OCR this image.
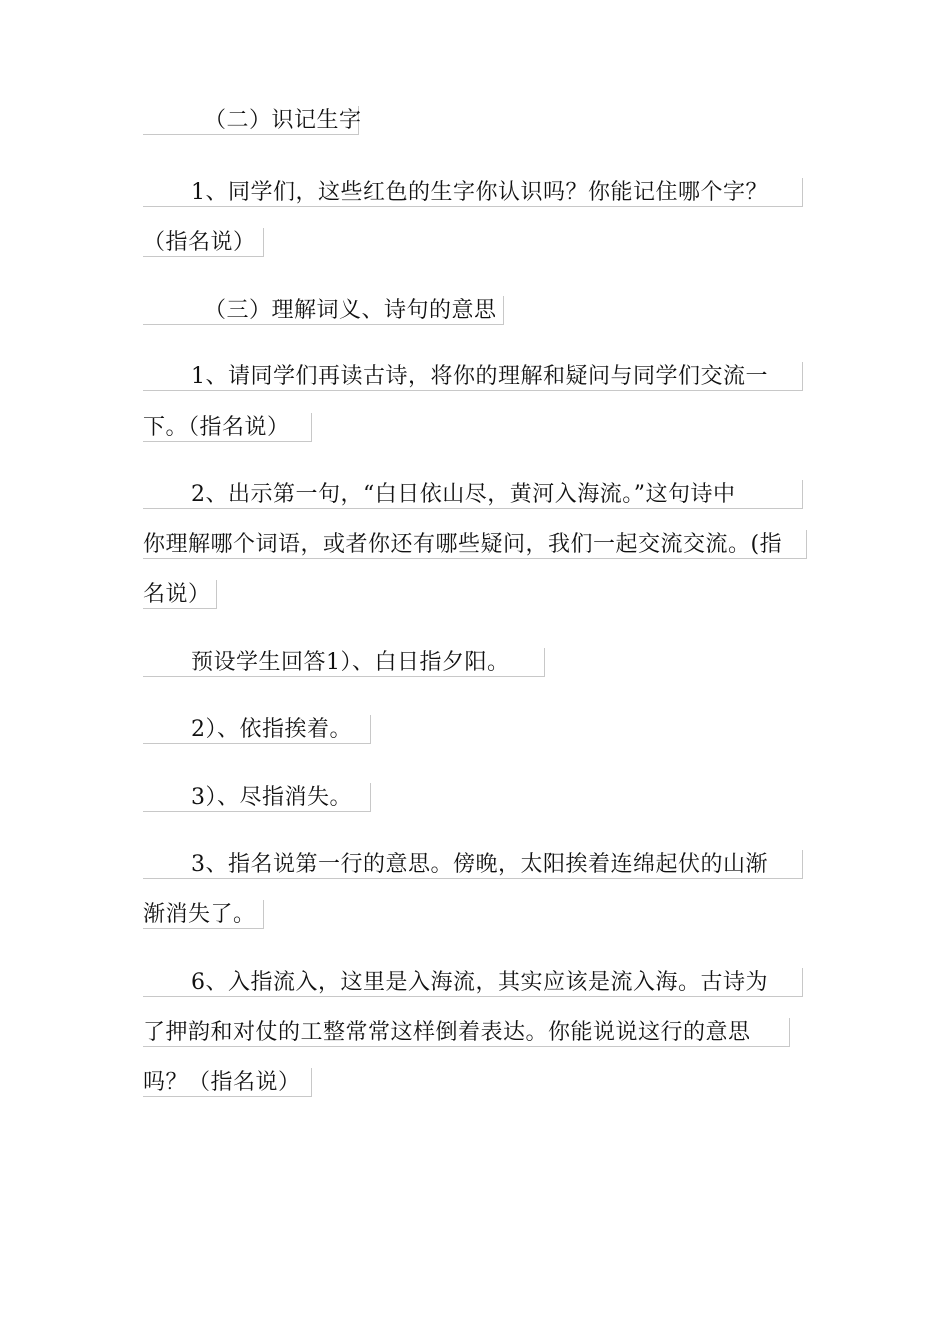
（二）识记生字
1、同学们，这些红色的生字你认识吗？你能记住哪个字？
（指名说）
（三）理解词义、诗句的意思
1、请同学们再读古诗，将你的理解和疑问与同学们交流一
下。（指名说）
2、出示第一句，“白日依山尽，黄河入海流。”这句诗中
你理解哪个词语，或者你还有哪些疑问，我们一起交流交流。(指
名说）
预设学生回答1）、白日指夕阳。
2）、依指挨着。
3）、尽指消失。
3、指名说第一行的意思。傍晚，太阳挨着连绵起伏的山渐
渐消失了。
6、入指流入，这里是入海流，其实应该是流入海。古诗为
了押韵和对仗的工整常常这样倒着表达。你能说说这行的意思
吗？（指名说）
